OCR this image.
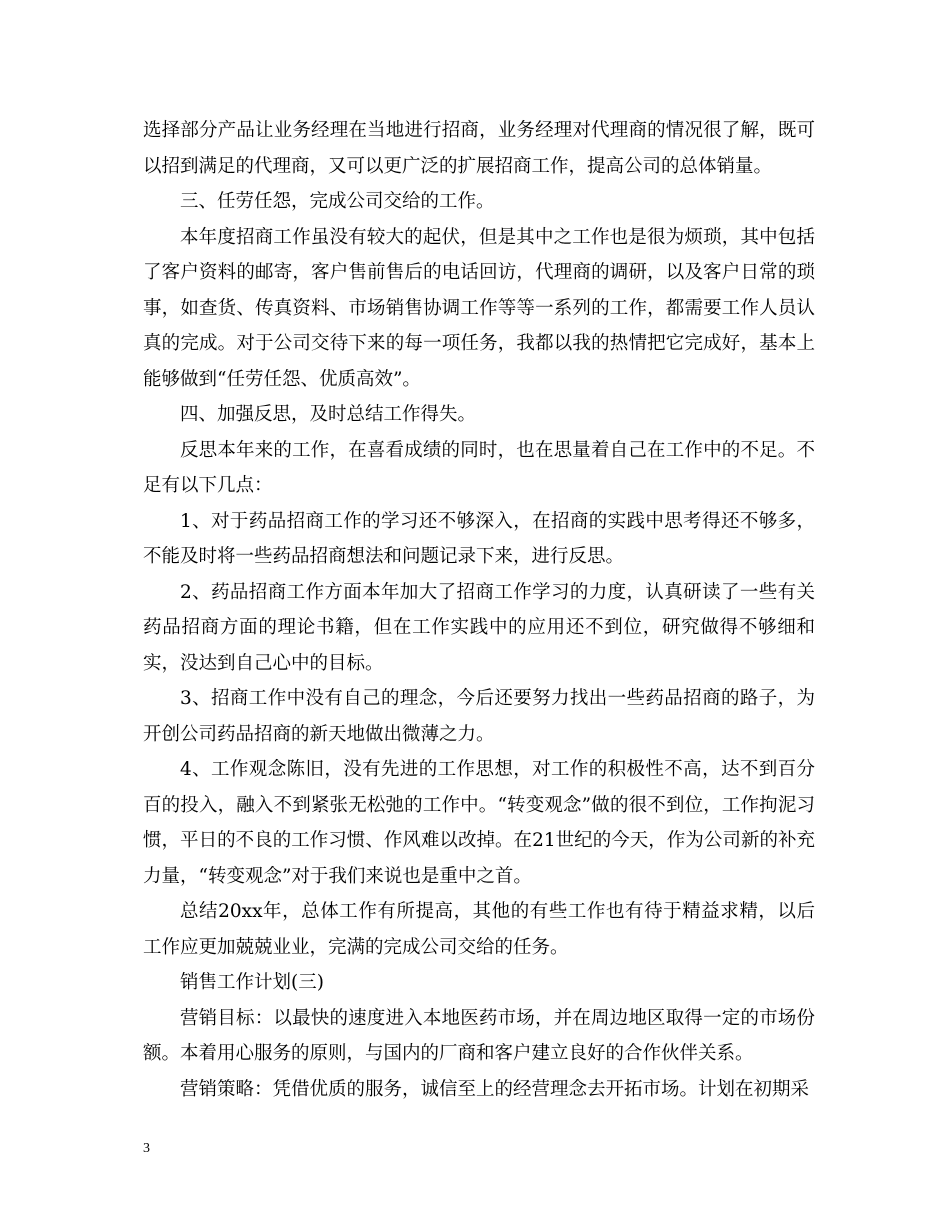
选择部分产品让业务经理在当地进行招商，业务经理对代理商的情况很了解，既可以招到满足的代理商，又可以更广泛的扩展招商工作，提高公司的总体销量。

三、任劳任怨，完成公司交给的工作。

本年度招商工作虽没有较大的起伏，但是其中之工作也是很为烦琐，其中包括了客户资料的邮寄，客户售前售后的电话回访，代理商的调研，以及客户日常的琐事，如查货、传真资料、市场销售协调工作等等一系列的工作，都需要工作人员认真的完成。对于公司交待下来的每一项任务，我都以我的热情把它完成好，基本上能够做到“任劳任怨、优质高效”。

四、加强反思，及时总结工作得失。

反思本年来的工作，在喜看成绩的同时，也在思量着自己在工作中的不足。不足有以下几点：

1、对于药品招商工作的学习还不够深入，在招商的实践中思考得还不够多，不能及时将一些药品招商想法和问题记录下来，进行反思。

2、药品招商工作方面本年加大了招商工作学习的力度，认真研读了一些有关药品招商方面的理论书籍，但在工作实践中的应用还不到位，研究做得不够细和实，没达到自己心中的目标。

3、招商工作中没有自己的理念，今后还要努力找出一些药品招商的路子，为开创公司药品招商的新天地做出微薄之力。

4、工作观念陈旧，没有先进的工作思想，对工作的积极性不高，达不到百分百的投入，融入不到紧张无松弛的工作中。“转变观念”做的很不到位，工作拘泥习惯，平日的不良的工作习惯、作风难以改掉。在21世纪的今天，作为公司新的补充力量，“转变观念”对于我们来说也是重中之首。

总结20xx年，总体工作有所提高，其他的有些工作也有待于精益求精，以后工作应更加兢兢业业，完满的完成公司交给的任务。

销售工作计划(三)

营销目标：以最快的速度进入本地医药市场，并在周边地区取得一定的市场份额。本着用心服务的原则，与国内的厂商和客户建立良好的合作伙伴关系。

营销策略：凭借优质的服务，诚信至上的经营理念去开拓市场。计划在初期采

3
